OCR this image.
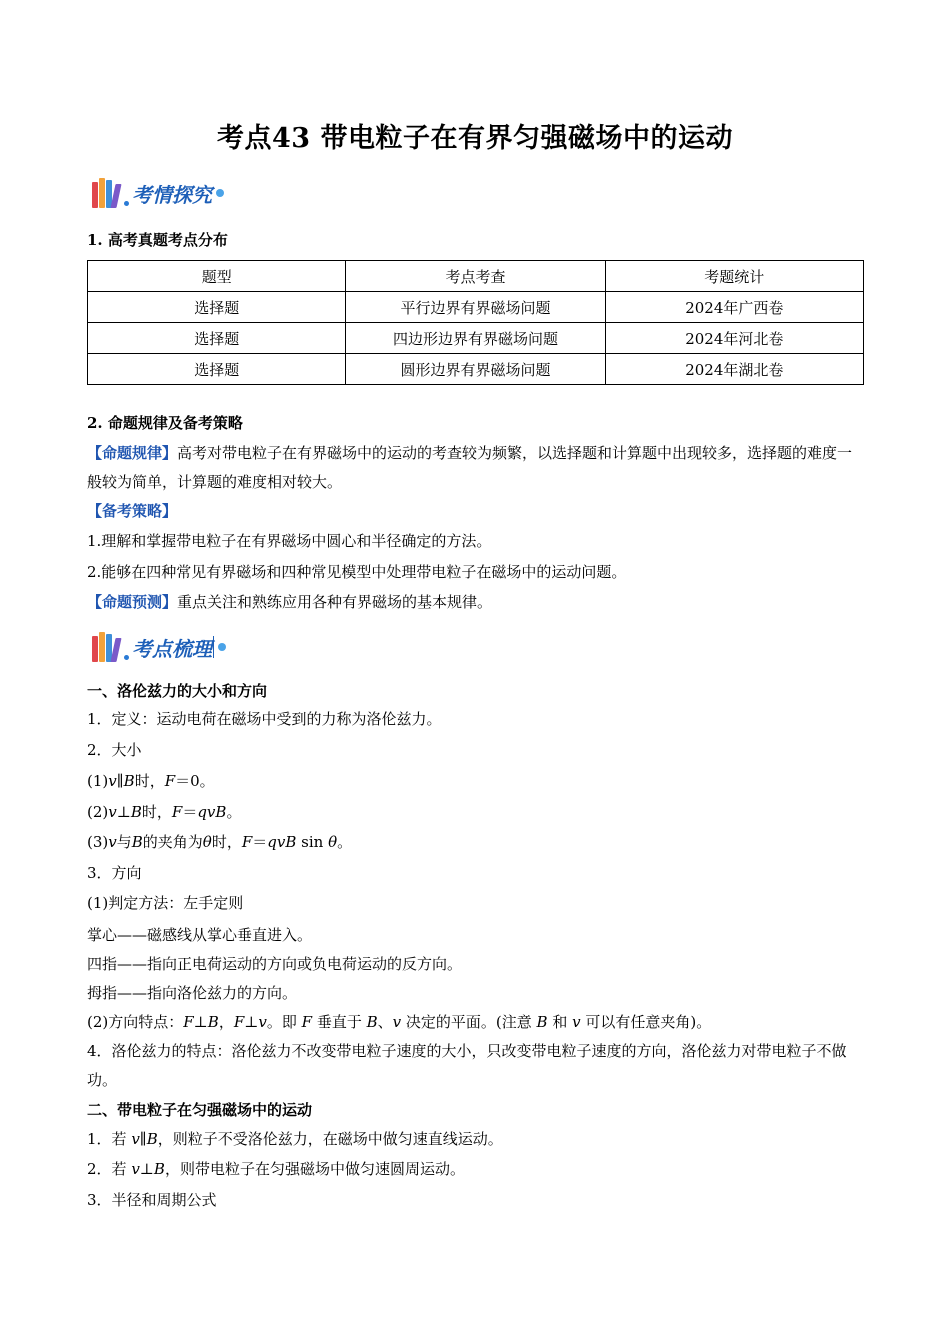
考点43 带电粒子在有界匀强磁场中的运动
考情探究
1. 高考真题考点分布
题型	考点考查	考题统计
选择题	平行边界有界磁场问题	2024年广西卷
选择题	四边形边界有界磁场问题	2024年河北卷
选择题	圆形边界有界磁场问题	2024年湖北卷
2. 命题规律及备考策略
【命题规律】高考对带电粒子在有界磁场中的运动的考查较为频繁，以选择题和计算题中出现较多，选择题的难度一般较为简单，计算题的难度相对较大。
【备考策略】
1.理解和掌握带电粒子在有界磁场中圆心和半径确定的方法。
2.能够在四种常见有界磁场和四种常见模型中处理带电粒子在磁场中的运动问题。
【命题预测】重点关注和熟练应用各种有界磁场的基本规律。
考点梳理
一、洛伦兹力的大小和方向
1．定义：运动电荷在磁场中受到的力称为洛伦兹力。
2．大小
(1)v∥B时，F＝0。
(2)v⊥B时，F＝qvB。
(3)v与B的夹角为θ时，F＝qvB sin θ。
3．方向
(1)判定方法：左手定则
掌心——磁感线从掌心垂直进入。
四指——指向正电荷运动的方向或负电荷运动的反方向。
拇指——指向洛伦兹力的方向。
(2)方向特点：F⊥B，F⊥v。即 F 垂直于 B、v 决定的平面。(注意 B 和 v 可以有任意夹角)。
4．洛伦兹力的特点：洛伦兹力不改变带电粒子速度的大小，只改变带电粒子速度的方向，洛伦兹力对带电粒子不做功。
二、带电粒子在匀强磁场中的运动
1．若 v∥B，则粒子不受洛伦兹力，在磁场中做匀速直线运动。
2．若 v⊥B，则带电粒子在匀强磁场中做匀速圆周运动。
3．半径和周期公式
